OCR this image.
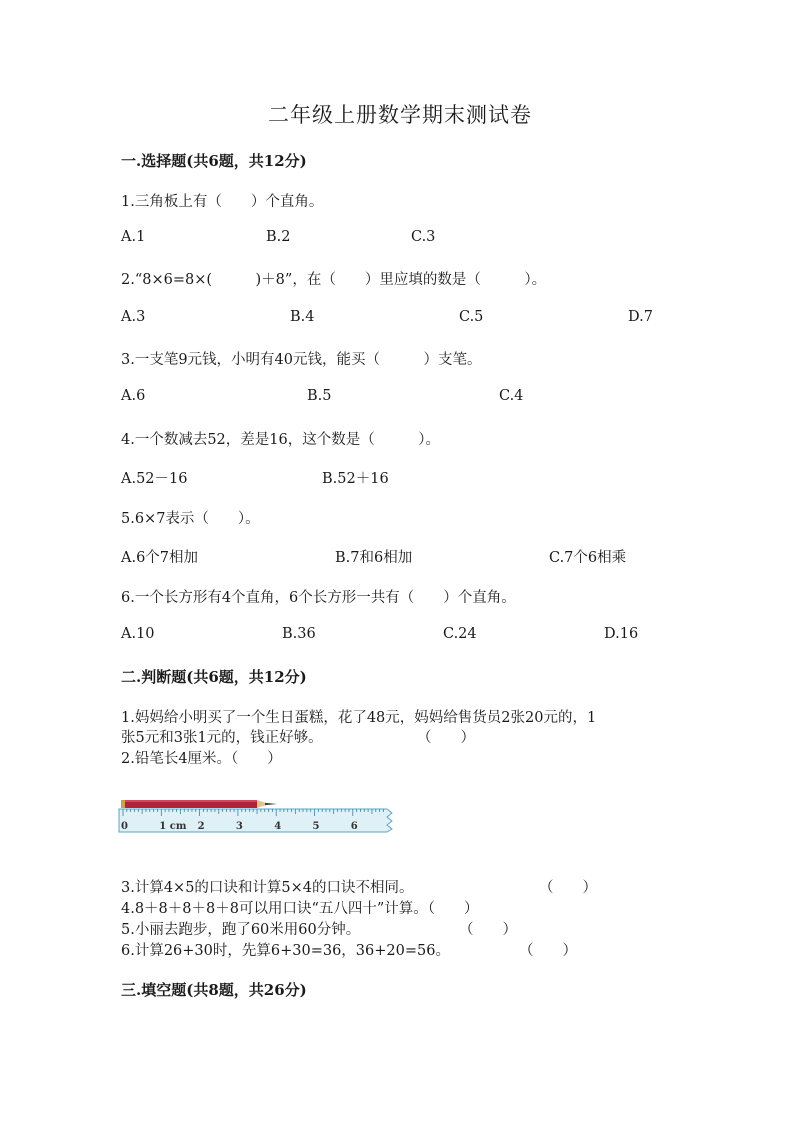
二年级上册数学期末测试卷
一.选择题(共6题，共12分)
1.三角板上有（　　）个直角。
A.1	B.2	C.3
2.“8×6=8×(　　　)＋8”，在（　　）里应填的数是（　　　）。
A.3	B.4	C.5	D.7
3.一支笔9元钱，小明有40元钱，能买（　　　）支笔。
A.6	B.5	C.4
4.一个数减去52，差是16，这个数是（　　　）。
A.52－16	B.52＋16
5.6×7表示（　　）。
A.6个7相加	B.7和6相加	C.7个6相乘
6.一个长方形有4个直角，6个长方形一共有（　　）个直角。
A.10	B.36	C.24	D.16
二.判断题(共6题，共12分)
1.妈妈给小明买了一个生日蛋糕，花了48元，妈妈给售货员2张20元的，1
张5元和3张1元的，钱正好够。	（　　）
2.铅笔长4厘米。（　　）
0	1 cm 2	3	4	5	6
3.计算4×5的口诀和计算5×4的口诀不相同。	（　　）
4.8＋8＋8＋8＋8可以用口诀“五八四十”计算。（　　）
5.小丽去跑步，跑了60米用60分钟。	（　　）
6.计算26+30时，先算6+30=36，36+20=56。	（　　）
三.填空题(共8题，共26分)
